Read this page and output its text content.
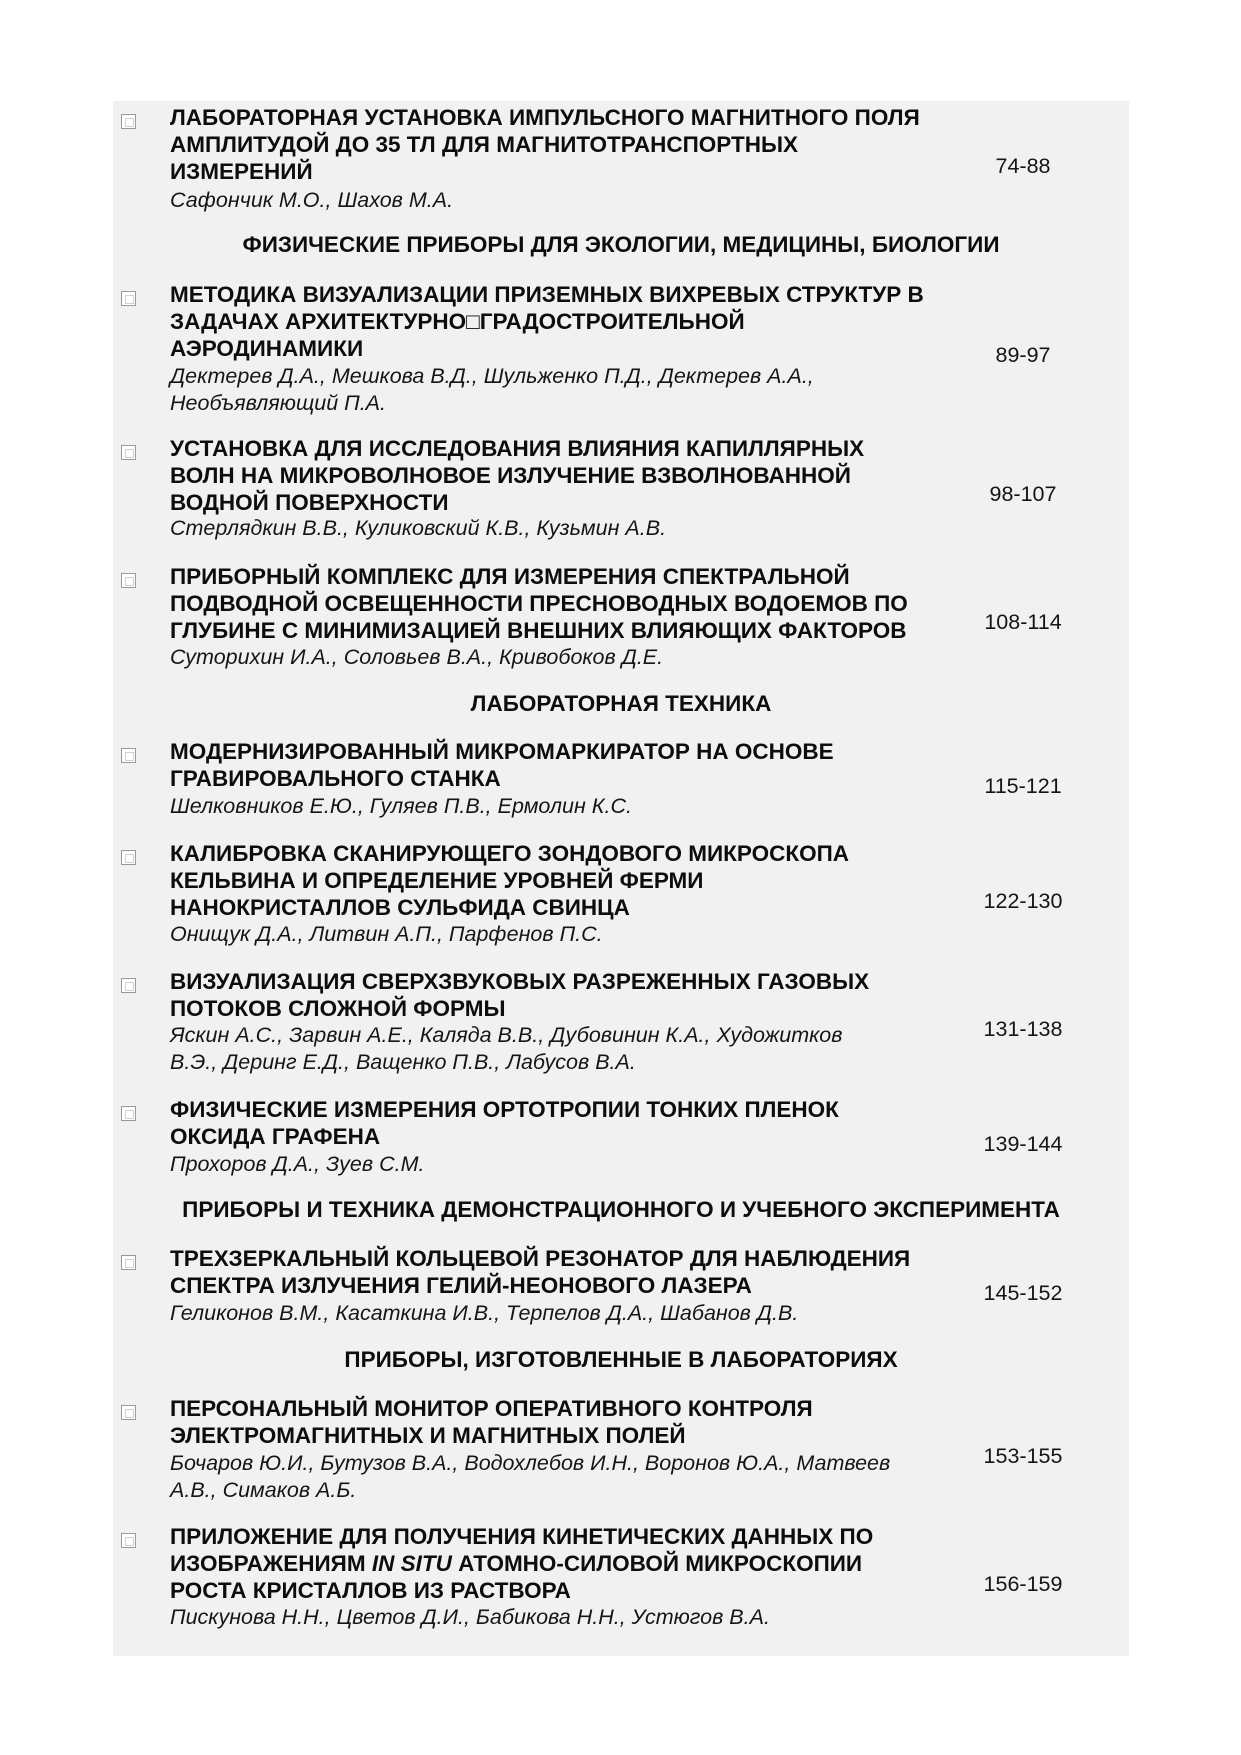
ЛАБОРАТОРНАЯ УСТАНОВКА ИМПУЛЬСНОГО МАГНИТНОГО ПОЛЯ
АМПЛИТУДОЙ ДО 35 ТЛ ДЛЯ МАГНИТОТРАНСПОРТНЫХ
ИЗМЕРЕНИЙ
Сафончик М.О., Шахов М.А.
74-88
ФИЗИЧЕСКИЕ ПРИБОРЫ ДЛЯ ЭКОЛОГИИ, МЕДИЦИНЫ, БИОЛОГИИ
МЕТОДИКА ВИЗУАЛИЗАЦИИ ПРИЗЕМНЫХ ВИХРЕВЫХ СТРУКТУР В
ЗАДАЧАХ АРХИТЕКТУРНО□ГРАДОСТРОИТЕЛЬНОЙ
АЭРОДИНАМИКИ
Дектерев Д.А., Мешкова В.Д., Шульженко П.Д., Дектерев А.А.,
Необъявляющий П.А.
89-97
УСТАНОВКА ДЛЯ ИССЛЕДОВАНИЯ ВЛИЯНИЯ КАПИЛЛЯРНЫХ
ВОЛН НА МИКРОВОЛНОВОЕ ИЗЛУЧЕНИЕ ВЗВОЛНОВАННОЙ
ВОДНОЙ ПОВЕРХНОСТИ
Стерлядкин В.В., Куликовский К.В., Кузьмин А.В.
98-107
ПРИБОРНЫЙ КОМПЛЕКС ДЛЯ ИЗМЕРЕНИЯ СПЕКТРАЛЬНОЙ
ПОДВОДНОЙ ОСВЕЩЕННОСТИ ПРЕСНОВОДНЫХ ВОДОЕМОВ ПО
ГЛУБИНЕ С МИНИМИЗАЦИЕЙ ВНЕШНИХ ВЛИЯЮЩИХ ФАКТОРОВ
Суторихин И.А., Соловьев В.А., Кривобоков Д.Е.
108-114
ЛАБОРАТОРНАЯ ТЕХНИКА
МОДЕРНИЗИРОВАННЫЙ МИКРОМАРКИРАТОР НА ОСНОВЕ
ГРАВИРОВАЛЬНОГО СТАНКА
Шелковников Е.Ю., Гуляев П.В., Ермолин К.С.
115-121
КАЛИБРОВКА СКАНИРУЮЩЕГО ЗОНДОВОГО МИКРОСКОПА
КЕЛЬВИНА И ОПРЕДЕЛЕНИЕ УРОВНЕЙ ФЕРМИ
НАНОКРИСТАЛЛОВ СУЛЬФИДА СВИНЦА
Онищук Д.А., Литвин А.П., Парфенов П.С.
122-130
ВИЗУАЛИЗАЦИЯ СВЕРХЗВУКОВЫХ РАЗРЕЖЕННЫХ ГАЗОВЫХ
ПОТОКОВ СЛОЖНОЙ ФОРМЫ
Яскин А.С., Зарвин А.Е., Каляда В.В., Дубовинин К.А., Художитков
В.Э., Деринг Е.Д., Ващенко П.В., Лабусов В.А.
131-138
ФИЗИЧЕСКИЕ ИЗМЕРЕНИЯ ОРТОТРОПИИ ТОНКИХ ПЛЕНОК
ОКСИДА ГРАФЕНА
Прохоров Д.А., Зуев С.М.
139-144
ПРИБОРЫ И ТЕХНИКА ДЕМОНСТРАЦИОННОГО И УЧЕБНОГО ЭКСПЕРИМЕНТА
ТРЕХЗЕРКАЛЬНЫЙ КОЛЬЦЕВОЙ РЕЗОНАТОР ДЛЯ НАБЛЮДЕНИЯ
СПЕКТРА ИЗЛУЧЕНИЯ ГЕЛИЙ-НЕОНОВОГО ЛАЗЕРА
Геликонов В.М., Касаткина И.В., Терпелов Д.А., Шабанов Д.В.
145-152
ПРИБОРЫ, ИЗГОТОВЛЕННЫЕ В ЛАБОРАТОРИЯХ
ПЕРСОНАЛЬНЫЙ МОНИТОР ОПЕРАТИВНОГО КОНТРОЛЯ
ЭЛЕКТРОМАГНИТНЫХ И МАГНИТНЫХ ПОЛЕЙ
Бочаров Ю.И., Бутузов В.А., Водохлебов И.Н., Воронов Ю.А., Матвеев
А.В., Симаков А.Б.
153-155
ПРИЛОЖЕНИЕ ДЛЯ ПОЛУЧЕНИЯ КИНЕТИЧЕСКИХ ДАННЫХ ПО
ИЗОБРАЖЕНИЯМ IN SITU АТОМНО-СИЛОВОЙ МИКРОСКОПИИ
РОСТА КРИСТАЛЛОВ ИЗ РАСТВОРА
Пискунова Н.Н., Цветов Д.И., Бабикова Н.Н., Устюгов В.А.
156-159
